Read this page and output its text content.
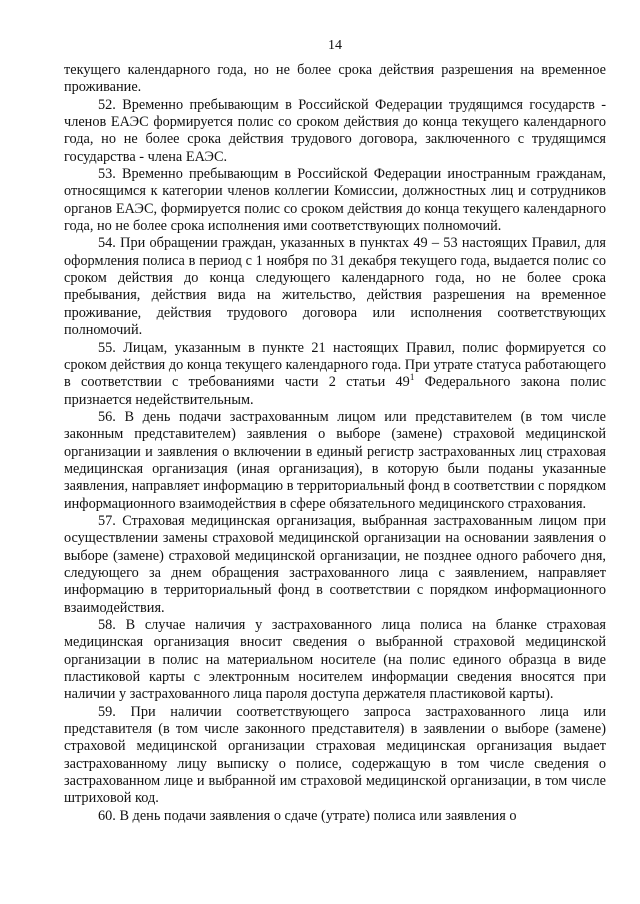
14

текущего календарного года, но не более срока действия разрешения на временное проживание.

52. Временно пребывающим в Российской Федерации трудящимся государств - членов ЕАЭС формируется полис со сроком действия до конца текущего календарного года, но не более срока действия трудового договора, заключенного с трудящимся государства - члена ЕАЭС.

53. Временно пребывающим в Российской Федерации иностранным гражданам, относящимся к категории членов коллегии Комиссии, должностных лиц и сотрудников органов ЕАЭС, формируется полис со сроком действия до конца текущего календарного года, но не более срока исполнения ими соответствующих полномочий.

54. При обращении граждан, указанных в пунктах 49 – 53 настоящих Правил, для оформления полиса в период с 1 ноября по 31 декабря текущего года, выдается полис со сроком действия до конца следующего календарного года, но не более срока пребывания, действия вида на жительство, действия разрешения на временное проживание, действия трудового договора или исполнения соответствующих полномочий.

55. Лицам, указанным в пункте 21 настоящих Правил, полис формируется со сроком действия до конца текущего календарного года. При утрате статуса работающего в соответствии с требованиями части 2 статьи $49^1$ Федерального закона полис признается недействительным.

56. В день подачи застрахованным лицом или представителем (в том числе законным представителем) заявления о выборе (замене) страховой медицинской организации и заявления о включении в единый регистр застрахованных лиц страховая медицинская организация (иная организация), в которую были поданы указанные заявления, направляет информацию в территориальный фонд в соответствии с порядком информационного взаимодействия в сфере обязательного медицинского страхования.

57. Страховая медицинская организация, выбранная застрахованным лицом при осуществлении замены страховой медицинской организации на основании заявления о выборе (замене) страховой медицинской организации, не позднее одного рабочего дня, следующего за днем обращения застрахованного лица с заявлением, направляет информацию в территориальный фонд в соответствии с порядком информационного взаимодействия.

58. В случае наличия у застрахованного лица полиса на бланке страховая медицинская организация вносит сведения о выбранной страховой медицинской организации в полис на материальном носителе (на полис единого образца в виде пластиковой карты с электронным носителем информации сведения вносятся при наличии у застрахованного лица пароля доступа держателя пластиковой карты).

59. При наличии соответствующего запроса застрахованного лица или представителя (в том числе законного представителя) в заявлении о выборе (замене) страховой медицинской организации страховая медицинская организация выдает застрахованному лицу выписку о полисе, содержащую в том числе сведения о застрахованном лице и выбранной им страховой медицинской организации, в том числе штриховой код.

60. В день подачи заявления о сдаче (утрате) полиса или заявления о
